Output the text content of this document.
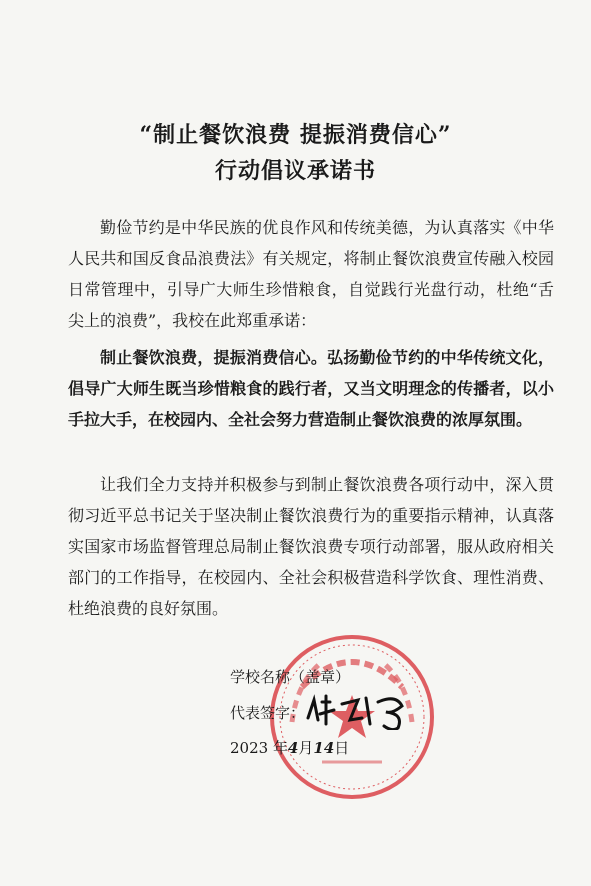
“制止餐饮浪费 提振消费信心”
行动倡议承诺书

勤俭节约是中华民族的优良作风和传统美德，为认真落实《中华人民共和国反食品浪费法》有关规定，将制止餐饮浪费宣传融入校园日常管理中，引导广大师生珍惜粮食，自觉践行光盘行动，杜绝“舌尖上的浪费”，我校在此郑重承诺：

制止餐饮浪费，提振消费信心。弘扬勤俭节约的中华传统文化，倡导广大师生既当珍惜粮食的践行者，又当文明理念的传播者，以小手拉大手，在校园内、全社会努力营造制止餐饮浪费的浓厚氛围。

让我们全力支持并积极参与到制止餐饮浪费各项行动中，深入贯彻习近平总书记关于坚决制止餐饮浪费行为的重要指示精神，认真落实国家市场监督管理总局制止餐饮浪费专项行动部署，服从政府相关部门的工作指导，在校园内、全社会积极营造科学饮食、理性消费、杜绝浪费的良好氛围。

学校名称（盖章）
代表签字：
2023 年4月14日
